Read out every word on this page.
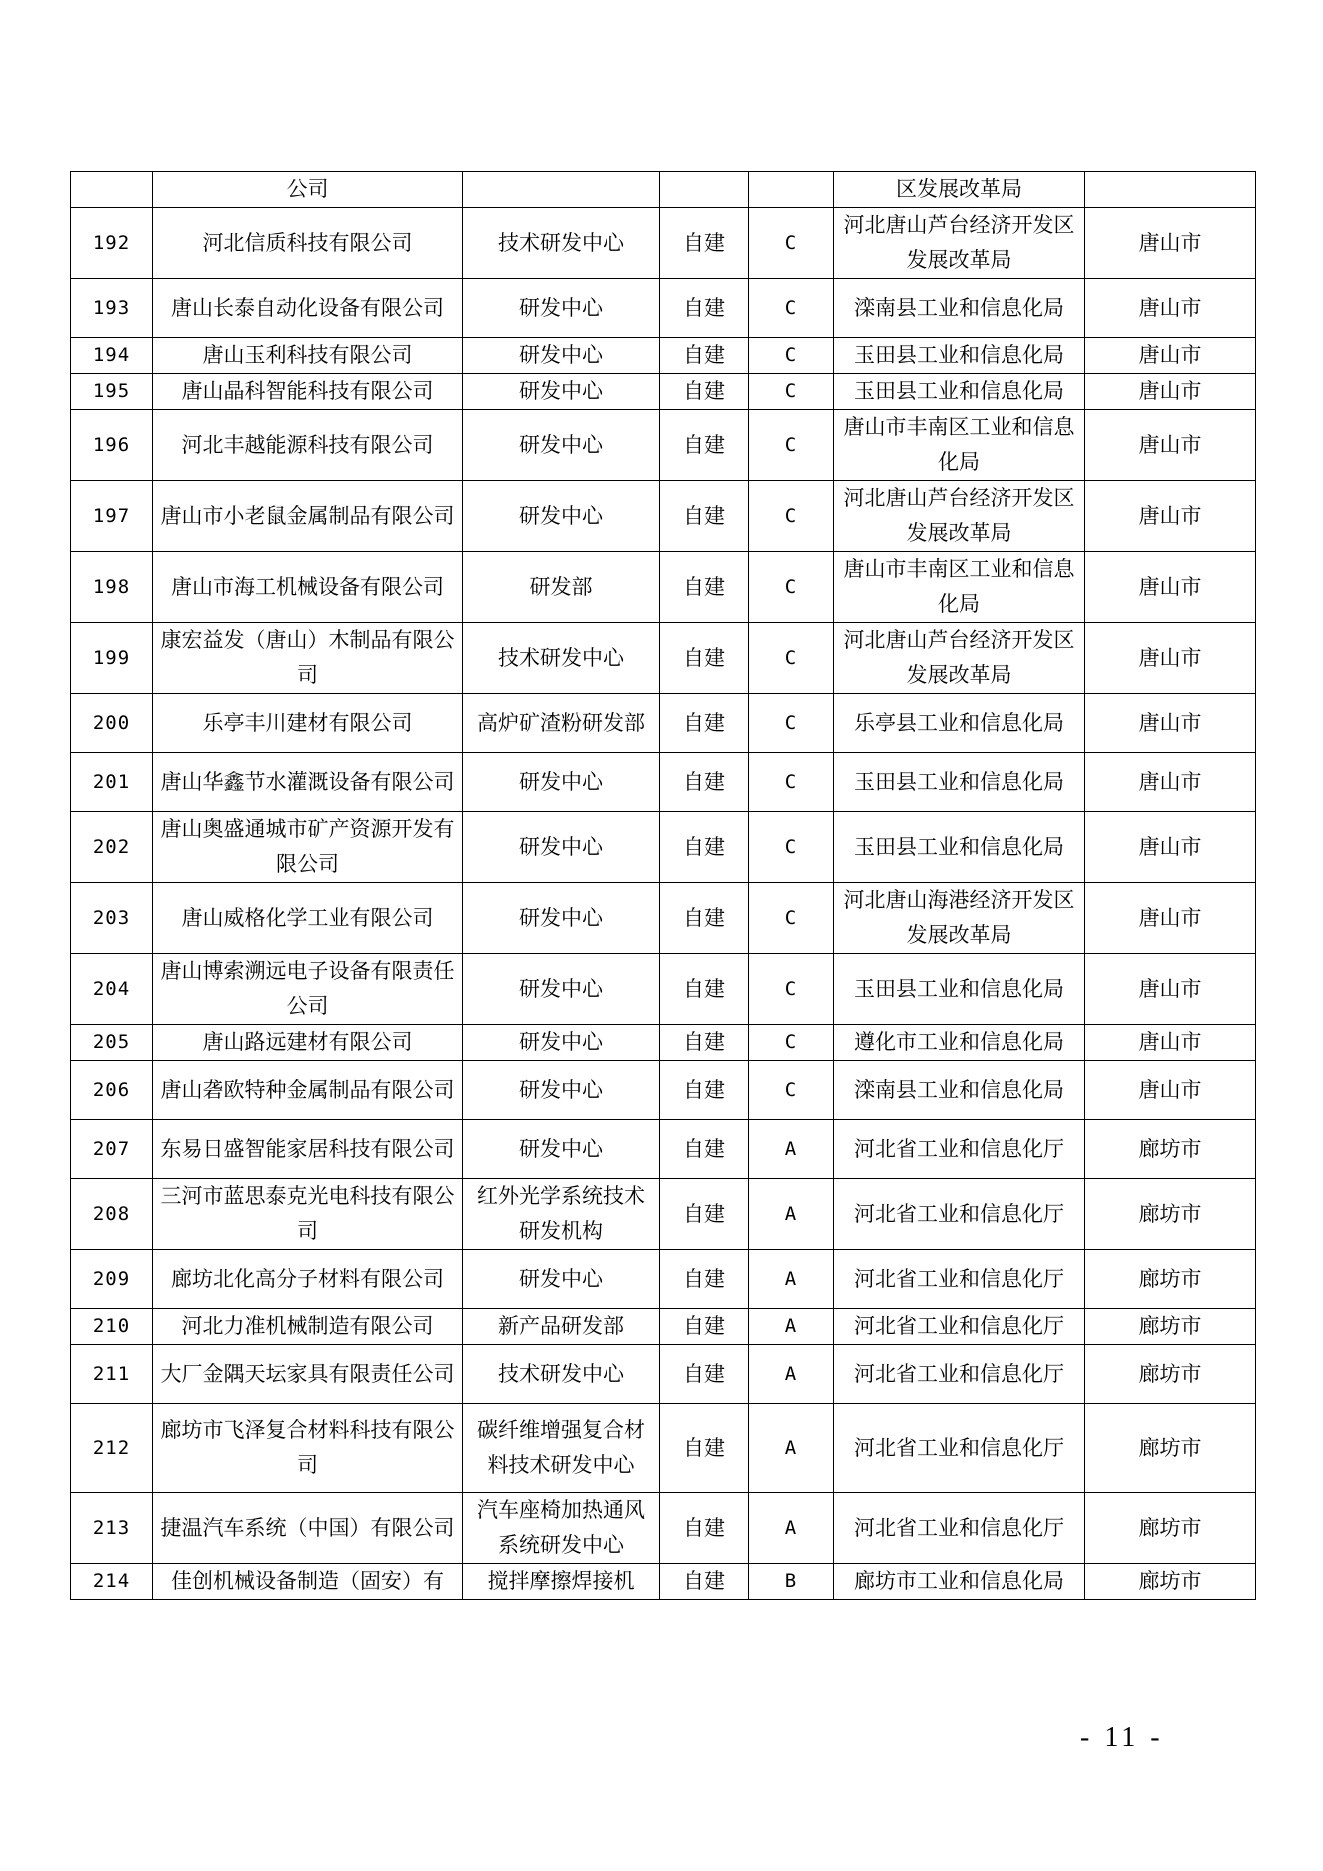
	公司				区发展改革局	
192	河北信质科技有限公司	技术研发中心	自建	C	河北唐山芦台经济开发区发展改革局	唐山市
193	唐山长泰自动化设备有限公司	研发中心	自建	C	滦南县工业和信息化局	唐山市
194	唐山玉利科技有限公司	研发中心	自建	C	玉田县工业和信息化局	唐山市
195	唐山晶科智能科技有限公司	研发中心	自建	C	玉田县工业和信息化局	唐山市
196	河北丰越能源科技有限公司	研发中心	自建	C	唐山市丰南区工业和信息化局	唐山市
197	唐山市小老鼠金属制品有限公司	研发中心	自建	C	河北唐山芦台经济开发区发展改革局	唐山市
198	唐山市海工机械设备有限公司	研发部	自建	C	唐山市丰南区工业和信息化局	唐山市
199	康宏益发（唐山）木制品有限公司	技术研发中心	自建	C	河北唐山芦台经济开发区发展改革局	唐山市
200	乐亭丰川建材有限公司	高炉矿渣粉研发部	自建	C	乐亭县工业和信息化局	唐山市
201	唐山华鑫节水灌溉设备有限公司	研发中心	自建	C	玉田县工业和信息化局	唐山市
202	唐山奥盛通城市矿产资源开发有限公司	研发中心	自建	C	玉田县工业和信息化局	唐山市
203	唐山威格化学工业有限公司	研发中心	自建	C	河北唐山海港经济开发区发展改革局	唐山市
204	唐山博索溯远电子设备有限责任公司	研发中心	自建	C	玉田县工业和信息化局	唐山市
205	唐山路远建材有限公司	研发中心	自建	C	遵化市工业和信息化局	唐山市
206	唐山砻欧特种金属制品有限公司	研发中心	自建	C	滦南县工业和信息化局	唐山市
207	东易日盛智能家居科技有限公司	研发中心	自建	A	河北省工业和信息化厅	廊坊市
208	三河市蓝思泰克光电科技有限公司	红外光学系统技术研发机构	自建	A	河北省工业和信息化厅	廊坊市
209	廊坊北化高分子材料有限公司	研发中心	自建	A	河北省工业和信息化厅	廊坊市
210	河北力准机械制造有限公司	新产品研发部	自建	A	河北省工业和信息化厅	廊坊市
211	大厂金隅天坛家具有限责任公司	技术研发中心	自建	A	河北省工业和信息化厅	廊坊市
212	廊坊市飞泽复合材料科技有限公司	碳纤维增强复合材料技术研发中心	自建	A	河北省工业和信息化厅	廊坊市
213	捷温汽车系统（中国）有限公司	汽车座椅加热通风系统研发中心	自建	A	河北省工业和信息化厅	廊坊市
214	佳创机械设备制造（固安）有	搅拌摩擦焊接机	自建	B	廊坊市工业和信息化局	廊坊市
- 11 -
